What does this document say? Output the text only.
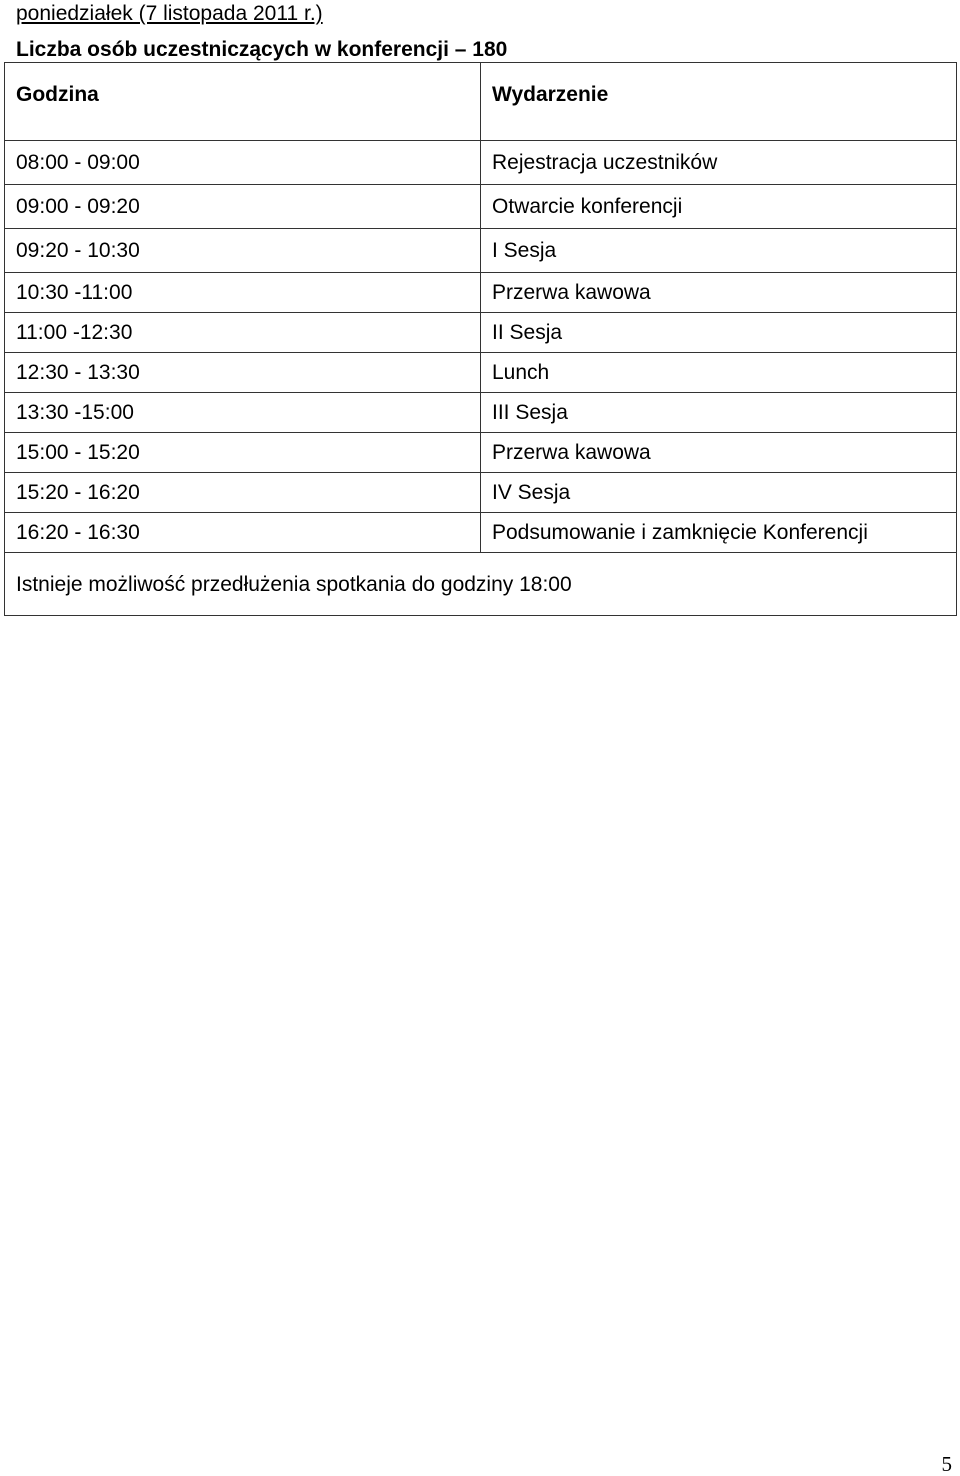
poniedziałek (7 listopada 2011 r.)
Liczba osób uczestniczących w konferencji – 180
Godzina	Wydarzenie
08:00 - 09:00	Rejestracja uczestników
09:00 - 09:20	Otwarcie konferencji
09:20 - 10:30	I Sesja
10:30 -11:00	Przerwa kawowa
11:00 -12:30	II Sesja
12:30 - 13:30	Lunch
13:30 -15:00	III Sesja
15:00 - 15:20	Przerwa kawowa
15:20 - 16:20	IV Sesja
16:20 - 16:30	Podsumowanie i zamknięcie Konferencji
Istnieje możliwość przedłużenia spotkania do godziny 18:00	
5
